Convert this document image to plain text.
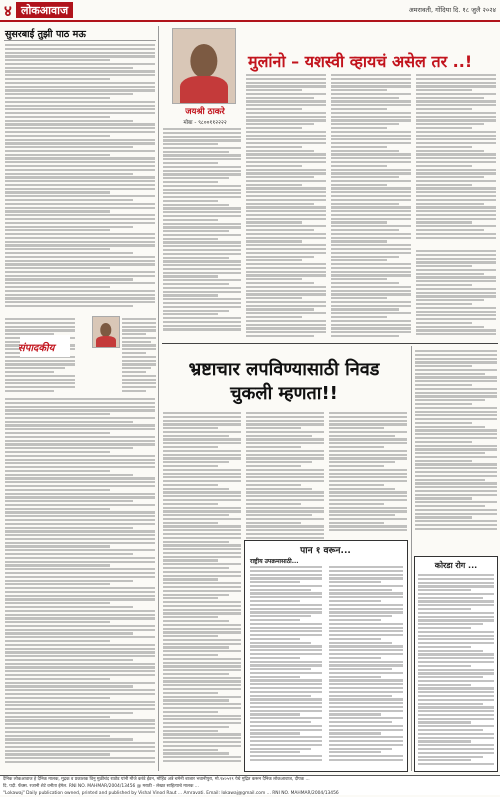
४ लोकआवाज	अमरावती, गोंदिया दि. १८ जुलै २०२४
सुसरबाई तुझी पाठ मऊ
संपादकीय
जयश्री ठाकरे
मोबा - ९८००११२२२२
मुलांनो – यशस्वी व्हायचं असेल तर ..!
भ्रष्टाचार लपविण्यासाठी निवड चुकली म्हणता!!
पान १ वरून...
राष्ट्रीय उपक्रमासाठी...	कोरडा रोग ...
दैनिक लोकआवाज हे दैनिक मालक, मुद्रक व प्रकाशक विनु मुळीचंद राठोड यांनी मौजे करंडे ईडन, मोहिंड अत्रे चमेनी बाजार भवानीपुरा, मो.९४०५१९ येथे मुद्रित करून दैनिक लोकआवाज, दीपक ...
दि. पदी. फॅक्स. रजानी शेटे वनीता ईमेल. RNI NO. MAHMAR/2004/13456 @ मराठी - लेखत साहित्याचे मालक ...
"Lokawaj" Daily publication owned, printed and published by Vishal Vinod Raut ... Amravati. Email: lokawaj@gmail.com ... RNI NO. MAHMAR/2004/13456
